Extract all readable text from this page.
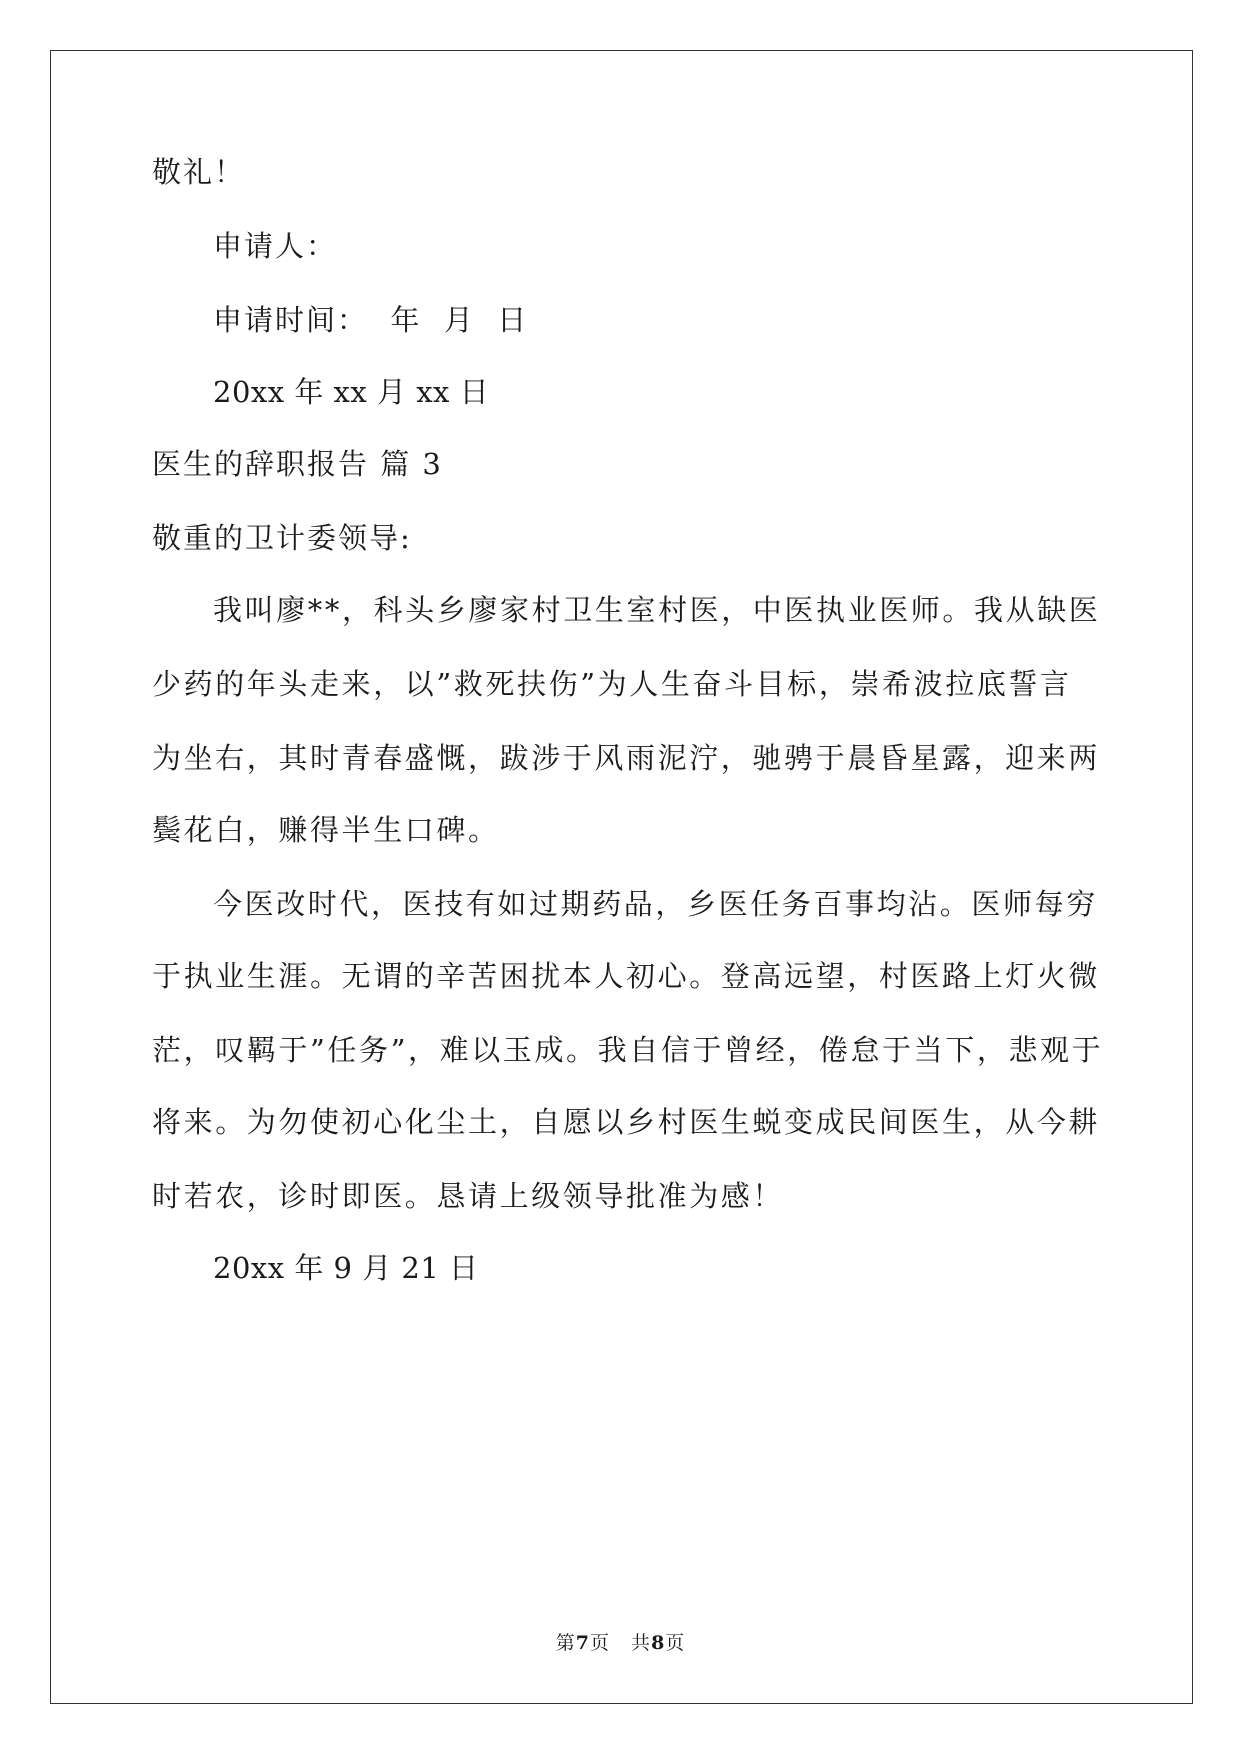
敬礼！
申请人：
申请时间：  年  月  日
20xx 年 xx 月 xx 日
医生的辞职报告 篇 3
敬重的卫计委领导:
我叫廖**，科头乡廖家村卫生室村医，中医执业医师。我从缺医
少药的年头走来，以”救死扶伤”为人生奋斗目标，崇希波拉底誓言
为坐右，其时青春盛慨，跋涉于风雨泥泞，驰骋于晨昏星露，迎来两
鬓花白，赚得半生口碑。
今医改时代，医技有如过期药品，乡医任务百事均沾。医师每穷
于执业生涯。无谓的辛苦困扰本人初心。登高远望，村医路上灯火微
茫，叹羁于”任务”，难以玉成。我自信于曾经，倦怠于当下，悲观于
将来。为勿使初心化尘土，自愿以乡村医生蜕变成民间医生，从今耕
时若农，诊时即医。恳请上级领导批准为感！
20xx 年 9 月 21 日
第7页   共8页
